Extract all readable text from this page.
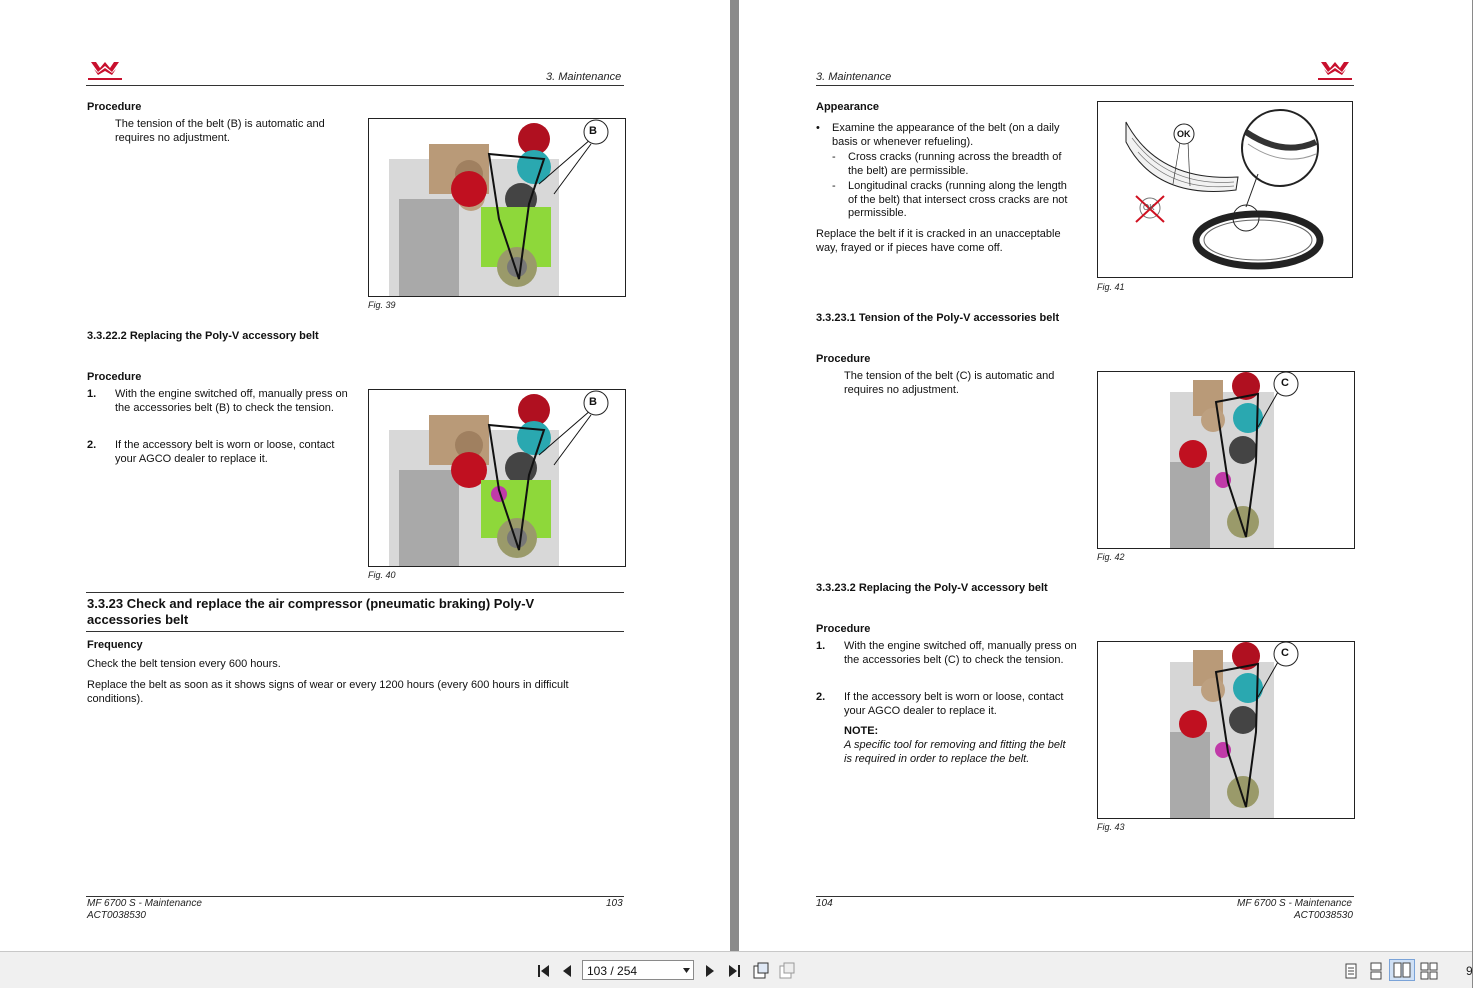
3. Maintenance
Procedure
The tension of the belt (B) is automatic and requires no adjustment.
B
Fig. 39
3.3.22.2 Replacing the Poly-V accessory belt
Procedure
1. With the engine switched off, manually press on the accessories belt (B) to check the tension.
2. If the accessory belt is worn or loose, contact your AGCO dealer to replace it.
B
Fig. 40
3.3.23 Check and replace the air compressor (pneumatic braking) Poly-V accessories belt
Frequency
Check the belt tension every 600 hours.
Replace the belt as soon as it shows signs of wear or every 1200 hours (every 600 hours in difficult conditions).
MF 6700 S - Maintenance
ACT0038530
103
3. Maintenance
Appearance
• Examine the appearance of the belt (on a daily basis or whenever refueling).
- Cross cracks (running across the breadth of the belt) are permissible.
- Longitudinal cracks (running along the length of the belt) that intersect cross cracks are not permissible.
Replace the belt if it is cracked in an unacceptable way, frayed or if pieces have come off.
OK
OK
Fig. 41
3.3.23.1 Tension of the Poly-V accessories belt
Procedure
The tension of the belt (C) is automatic and requires no adjustment.
C
Fig. 42
3.3.23.2 Replacing the Poly-V accessory belt
Procedure
1. With the engine switched off, manually press on the accessories belt (C) to check the tension.
2. If the accessory belt is worn or loose, contact your AGCO dealer to replace it.
NOTE:
A specific tool for removing and fitting the belt is required in order to replace the belt.
C
Fig. 43
104	MF 6700 S - Maintenance
ACT0038530
103 / 254	9
